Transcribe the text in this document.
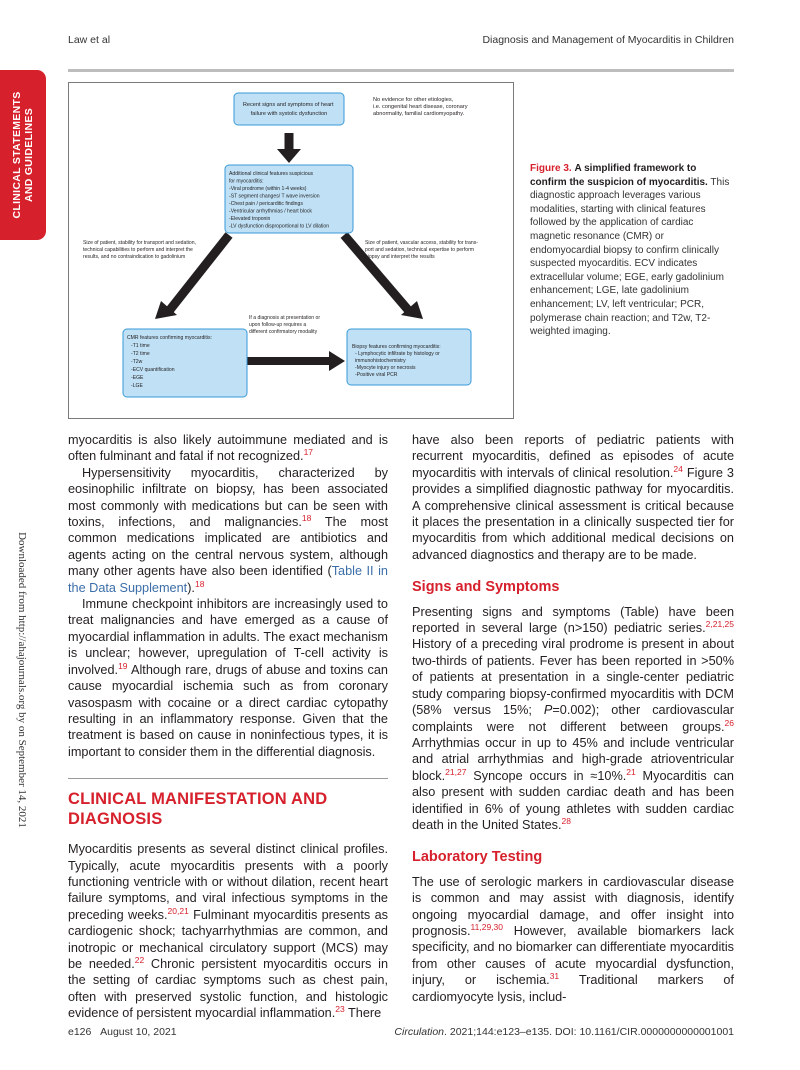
Law et al	Diagnosis and Management of Myocarditis in Children
CLINICAL STATEMENTS AND GUIDELINES
Downloaded from http://ahajournals.org by on September 14, 2021
Recent signs and symptoms of heart failure with systolic dysfunction
No evidence for other etiologies, i.e. congenital heart disease, coronary abnormality, familial cardiomyopathy.
Additional clinical features suspicious for myocarditis: -Viral prodrome (within 1-4 weeks) -ST segment changes/ T wave inversion -Chest pain / pericarditic findings -Ventricular arrhythmias / heart block -Elevated troponin -LV dysfunction disproportional to LV dilation
Size of patient, stability for transport and sedation, technical capabilities to perform and interpret the results, and no contraindication to gadolinium
Size of patient, vascular access, stability for trans- port and sedation, technical expertise to perform biopsy and interpret the results
If a diagnosis at presentation or upon follow-up requires a different confirmatory modality
CMR features confirming myocarditis: -T1 time -T2 time -T2w -ECV quantification -EGE -LGE
Biopsy features confirming myocarditis: - Lymphocytic infiltrate by histology or immunohistochemistry -Myocyte injury or necrosis -Positive viral PCR
Figure 3. A simplified framework to confirm the suspicion of myocarditis. This diagnostic approach leverages various modalities, starting with clinical features followed by the application of cardiac magnetic resonance (CMR) or endomyocardial biopsy to confirm clinically suspected myocarditis. ECV indicates extracellular volume; EGE, early gadolinium enhancement; LGE, late gadolinium enhancement; LV, left ventricular; PCR, polymerase chain reaction; and T2w, T2-weighted imaging.

myocarditis is also likely autoimmune mediated and is often fulminant and fatal if not recognized.$^{17}$

Hypersensitivity myocarditis, characterized by eosinophilic infiltrate on biopsy, has been associated most commonly with medications but can be seen with toxins, infections, and malignancies.$^{18}$ The most common medications implicated are antibiotics and agents acting on the central nervous system, although many other agents have also been identified (Table II in the Data Supplement).$^{18}$

Immune checkpoint inhibitors are increasingly used to treat malignancies and have emerged as a cause of myocardial inflammation in adults. The exact mechanism is unclear; however, upregulation of T-cell activity is involved.$^{19}$ Although rare, drugs of abuse and toxins can cause myocardial ischemia such as from coronary vasospasm with cocaine or a direct cardiac cytopathy resulting in an inflammatory response. Given that the treatment is based on cause in noninfectious types, it is important to consider them in the differential diagnosis.

CLINICAL MANIFESTATION AND
DIAGNOSIS

Myocarditis presents as several distinct clinical profiles. Typically, acute myocarditis presents with a poorly functioning ventricle with or without dilation, recent heart failure symptoms, and viral infectious symptoms in the preceding weeks.$^{20,21}$ Fulminant myocarditis presents as cardiogenic shock; tachyarrhythmias are common, and inotropic or mechanical circulatory support (MCS) may be needed.$^{22}$ Chronic persistent myocarditis occurs in the setting of cardiac symptoms such as chest pain, often with preserved systolic function, and histologic evidence of persistent myocardial inflammation.$^{23}$ There

have also been reports of pediatric patients with recurrent myocarditis, defined as episodes of acute myocarditis with intervals of clinical resolution.$^{24}$ Figure 3 provides a simplified diagnostic pathway for myocarditis. A comprehensive clinical assessment is critical because it places the presentation in a clinically suspected tier for myocarditis from which additional medical decisions on advanced diagnostics and therapy are to be made.

Signs and Symptoms

Presenting signs and symptoms (Table) have been reported in several large (n>150) pediatric series.$^{2,21,25}$ History of a preceding viral prodrome is present in about two-thirds of patients. Fever has been reported in >50% of patients at presentation in a single-center pediatric study comparing biopsy-confirmed myocarditis with DCM (58% versus 15%; P=0.002); other cardiovascular complaints were not different between groups.$^{26}$ Arrhythmias occur in up to 45% and include ventricular and atrial arrhythmias and high-grade atrioventricular block.$^{21,27}$ Syncope occurs in ≈10%.$^{21}$ Myocarditis can also present with sudden cardiac death and has been identified in 6% of young athletes with sudden cardiac death in the United States.$^{28}$

Laboratory Testing

The use of serologic markers in cardiovascular disease is common and may assist with diagnosis, identify ongoing myocardial damage, and offer insight into prognosis.$^{11,29,30}$ However, available biomarkers lack specificity, and no biomarker can differentiate myocarditis from other causes of acute myocardial dysfunction, injury, or ischemia.$^{31}$ Traditional markers of cardiomyocyte lysis, includ-

e126 August 10, 2021	Circulation. 2021;144:e123–e135. DOI: 10.1161/CIR.0000000000001001
